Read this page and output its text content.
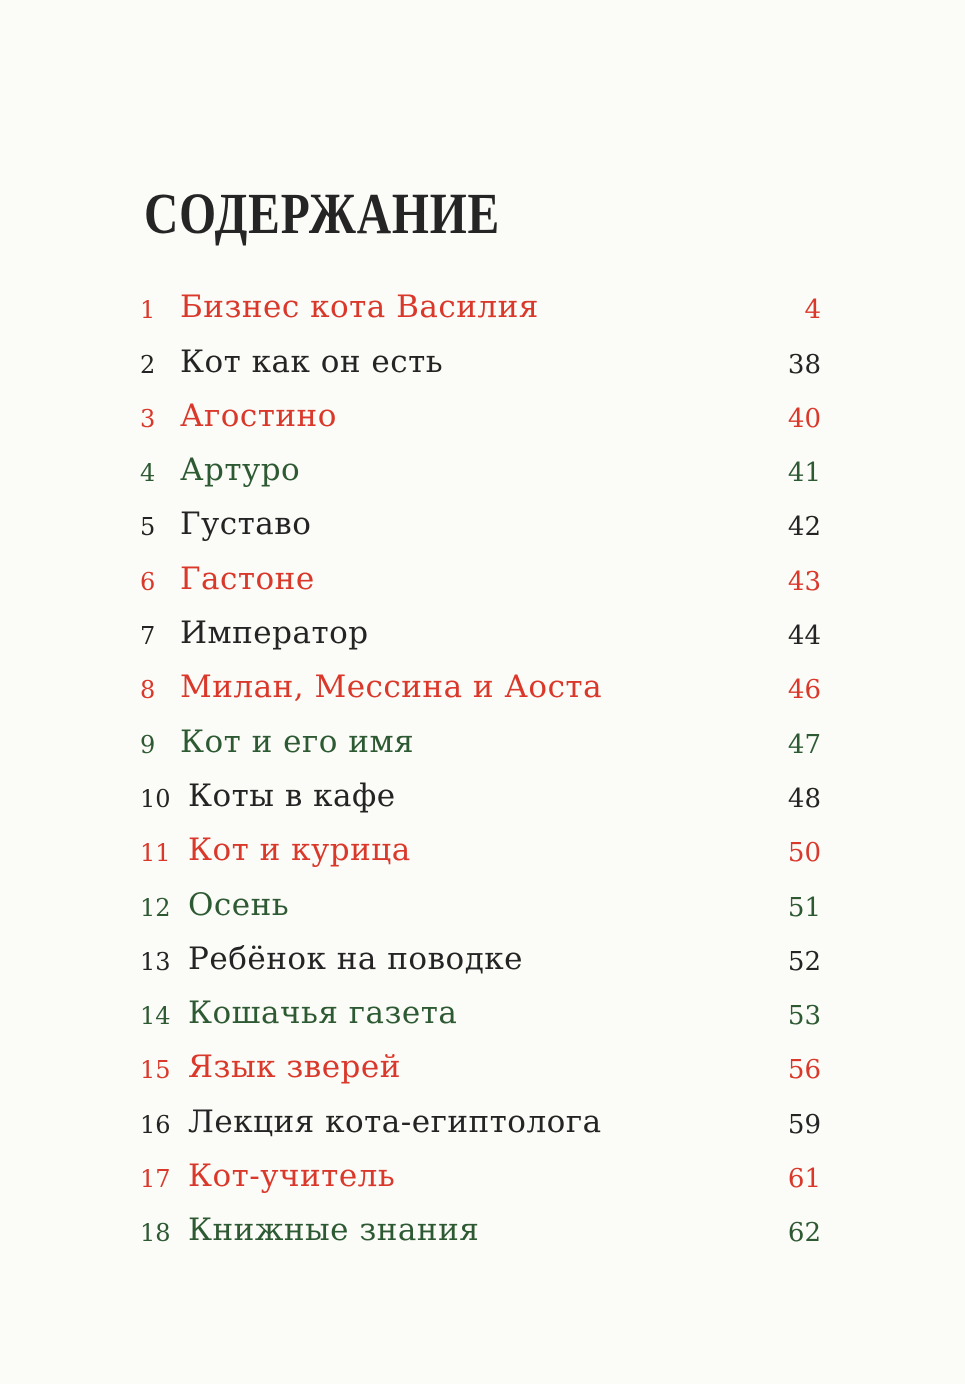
СОДЕРЖАНИЕ
1 Бизнес кота Василия	4
2 Кот как он есть	38
3 Агостино	40
4 Артуро	41
5 Густаво	42
6 Гастоне	43
7 Император	44
8 Милан, Мессина и Аоста	46
9 Кот и его имя	47
10 Коты в кафе	48
11 Кот и курица	50
12 Осень	51
13 Ребёнок на поводке	52
14 Кошачья газета	53
15 Язык зверей	56
16 Лекция кота-египтолога	59
17 Кот-учитель	61
18 Книжные знания	62
